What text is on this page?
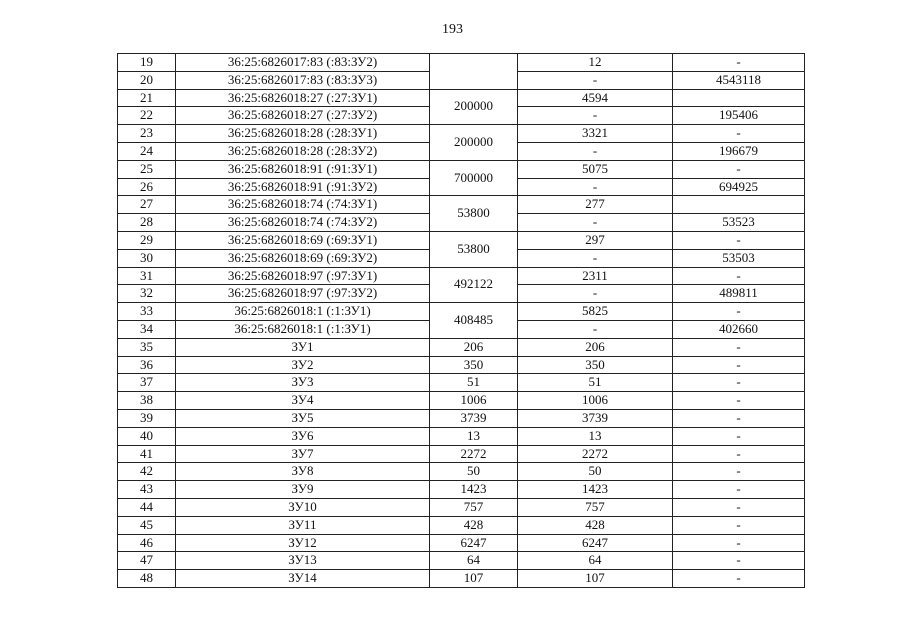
193
19	36:25:6826017:83 (:83:ЗУ2)		12	-
20	36:25:6826017:83 (:83:ЗУ3)		-	4543118
21	36:25:6826018:27 (:27:ЗУ1)	200000	4594	
22	36:25:6826018:27 (:27:ЗУ2)		-	195406
23	36:25:6826018:28 (:28:ЗУ1)	200000	3321	-
24	36:25:6826018:28 (:28:ЗУ2)		-	196679
25	36:25:6826018:91 (:91:ЗУ1)	700000	5075	-
26	36:25:6826018:91 (:91:ЗУ2)		-	694925
27	36:25:6826018:74 (:74:ЗУ1)	53800	277	
28	36:25:6826018:74 (:74:ЗУ2)		-	53523
29	36:25:6826018:69 (:69:ЗУ1)	53800	297	-
30	36:25:6826018:69 (:69:ЗУ2)		-	53503
31	36:25:6826018:97 (:97:ЗУ1)	492122	2311	-
32	36:25:6826018:97 (:97:ЗУ2)		-	489811
33	36:25:6826018:1 (:1:ЗУ1)	408485	5825	-
34	36:25:6826018:1 (:1:ЗУ1)		-	402660
35	ЗУ1	206	206	-
36	ЗУ2	350	350	-
37	ЗУ3	51	51	-
38	ЗУ4	1006	1006	-
39	ЗУ5	3739	3739	-
40	ЗУ6	13	13	-
41	ЗУ7	2272	2272	-
42	ЗУ8	50	50	-
43	ЗУ9	1423	1423	-
44	ЗУ10	757	757	-
45	ЗУ11	428	428	-
46	ЗУ12	6247	6247	-
47	ЗУ13	64	64	-
48	ЗУ14	107	107	-
